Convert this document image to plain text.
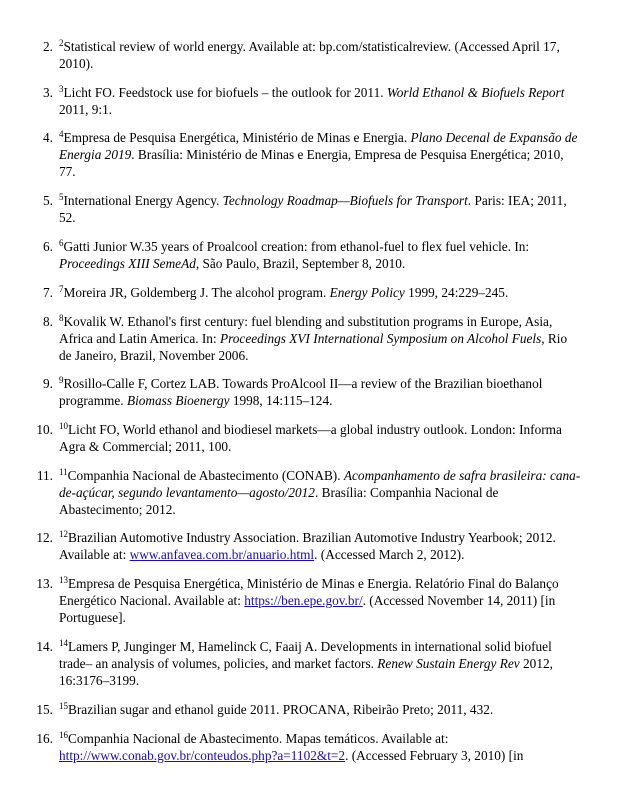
2. $^2$Statistical review of world energy. Available at: bp.com/statisticalreview. (Accessed April 17, 2010).
3. $^3$Licht FO. Feedstock use for biofuels – the outlook for 2011. World Ethanol & Biofuels Report 2011, 9:1.
4. $^4$Empresa de Pesquisa Energética, Ministério de Minas e Energia. Plano Decenal de Expansão de Energia 2019. Brasília: Ministério de Minas e Energia, Empresa de Pesquisa Energética; 2010, 77.
5. $^5$International Energy Agency. Technology Roadmap—Biofuels for Transport. Paris: IEA; 2011, 52.
6. $^6$Gatti Junior W.35 years of Proalcool creation: from ethanol-fuel to flex fuel vehicle. In: Proceedings XIII SemeAd, São Paulo, Brazil, September 8, 2010.
7. $^7$Moreira JR, Goldemberg J. The alcohol program. Energy Policy 1999, 24:229–245.
8. $^8$Kovalik W. Ethanol's first century: fuel blending and substitution programs in Europe, Asia, Africa and Latin America. In: Proceedings XVI International Symposium on Alcohol Fuels, Rio de Janeiro, Brazil, November 2006.
9. $^9$Rosillo-Calle F, Cortez LAB. Towards ProAlcool II—a review of the Brazilian bioethanol programme. Biomass Bioenergy 1998, 14:115–124.
10. $^{10}$Licht FO, World ethanol and biodiesel markets—a global industry outlook. London: Informa Agra & Commercial; 2011, 100.
11. $^{11}$Companhia Nacional de Abastecimento (CONAB). Acompanhamento de safra brasileira: cana-de-açúcar, segundo levantamento—agosto/2012. Brasília: Companhia Nacional de Abastecimento; 2012.
12. $^{12}$Brazilian Automotive Industry Association. Brazilian Automotive Industry Yearbook; 2012. Available at: www.anfavea.com.br/anuario.html. (Accessed March 2, 2012).
13. $^{13}$Empresa de Pesquisa Energética, Ministério de Minas e Energia. Relatório Final do Balanço Energético Nacional. Available at: https://ben.epe.gov.br/. (Accessed November 14, 2011) [in Portuguese].
14. $^{14}$Lamers P, Junginger M, Hamelinck C, Faaij A. Developments in international solid biofuel trade– an analysis of volumes, policies, and market factors. Renew Sustain Energy Rev 2012, 16:3176–3199.
15. $^{15}$Brazilian sugar and ethanol guide 2011. PROCANA, Ribeirão Preto; 2011, 432.
16. $^{16}$Companhia Nacional de Abastecimento. Mapas temáticos. Available at: http://www.conab.gov.br/conteudos.php?a=1102&t=2. (Accessed February 3, 2010) [in
